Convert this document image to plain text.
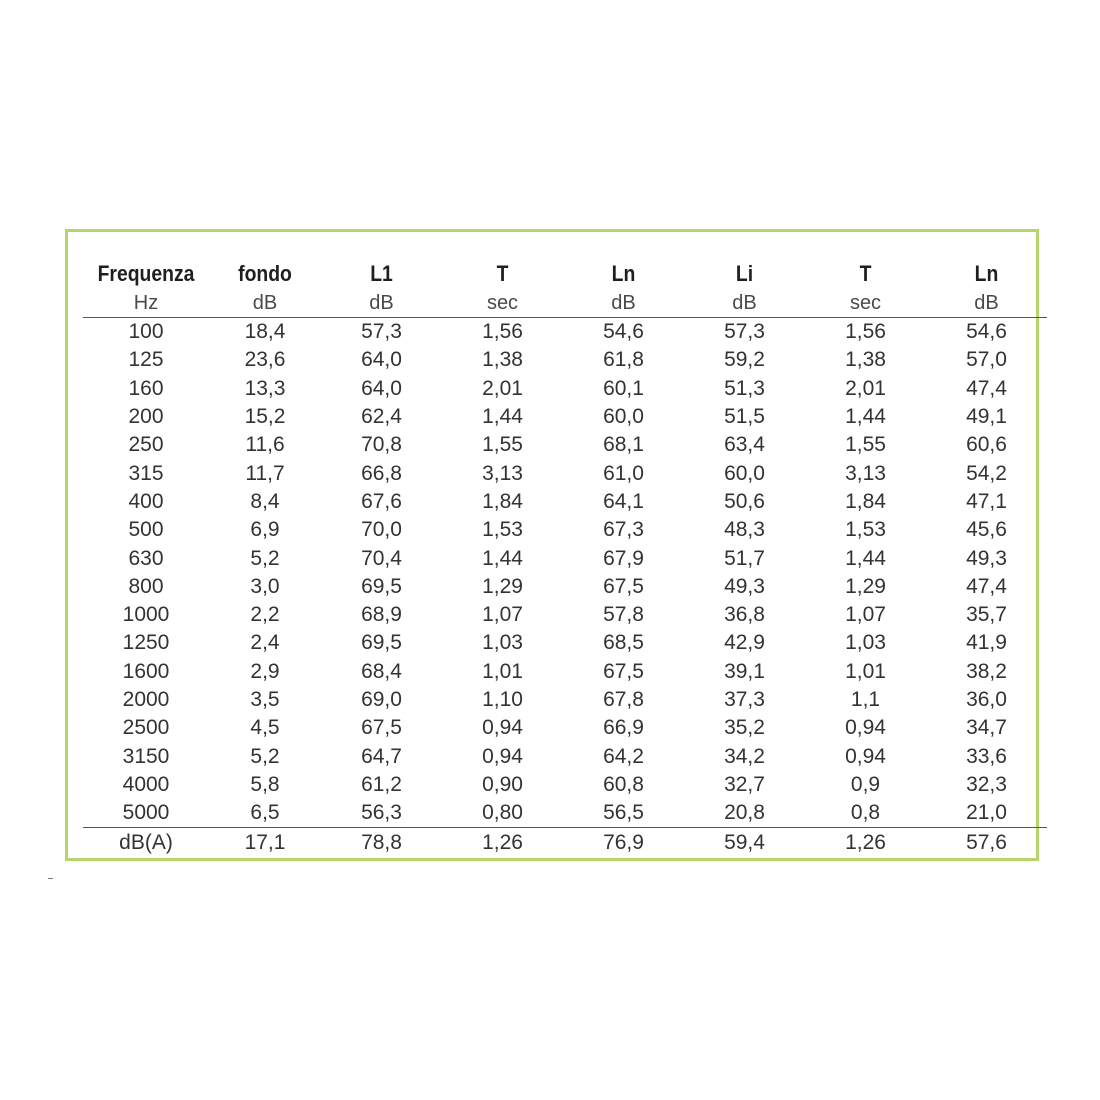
Frequenza	fondo	L1	T	Ln	Li	T	Ln
Hz	dB	dB	sec	dB	dB	sec	dB
100	18,4	57,3	1,56	54,6	57,3	1,56	54,6
125	23,6	64,0	1,38	61,8	59,2	1,38	57,0
160	13,3	64,0	2,01	60,1	51,3	2,01	47,4
200	15,2	62,4	1,44	60,0	51,5	1,44	49,1
250	11,6	70,8	1,55	68,1	63,4	1,55	60,6
315	11,7	66,8	3,13	61,0	60,0	3,13	54,2
400	8,4	67,6	1,84	64,1	50,6	1,84	47,1
500	6,9	70,0	1,53	67,3	48,3	1,53	45,6
630	5,2	70,4	1,44	67,9	51,7	1,44	49,3
800	3,0	69,5	1,29	67,5	49,3	1,29	47,4
1000	2,2	68,9	1,07	57,8	36,8	1,07	35,7
1250	2,4	69,5	1,03	68,5	42,9	1,03	41,9
1600	2,9	68,4	1,01	67,5	39,1	1,01	38,2
2000	3,5	69,0	1,10	67,8	37,3	1,1	36,0
2500	4,5	67,5	0,94	66,9	35,2	0,94	34,7
3150	5,2	64,7	0,94	64,2	34,2	0,94	33,6
4000	5,8	61,2	0,90	60,8	32,7	0,9	32,3
5000	6,5	56,3	0,80	56,5	20,8	0,8	21,0
dB(A)	17,1	78,8	1,26	76,9	59,4	1,26	57,6
